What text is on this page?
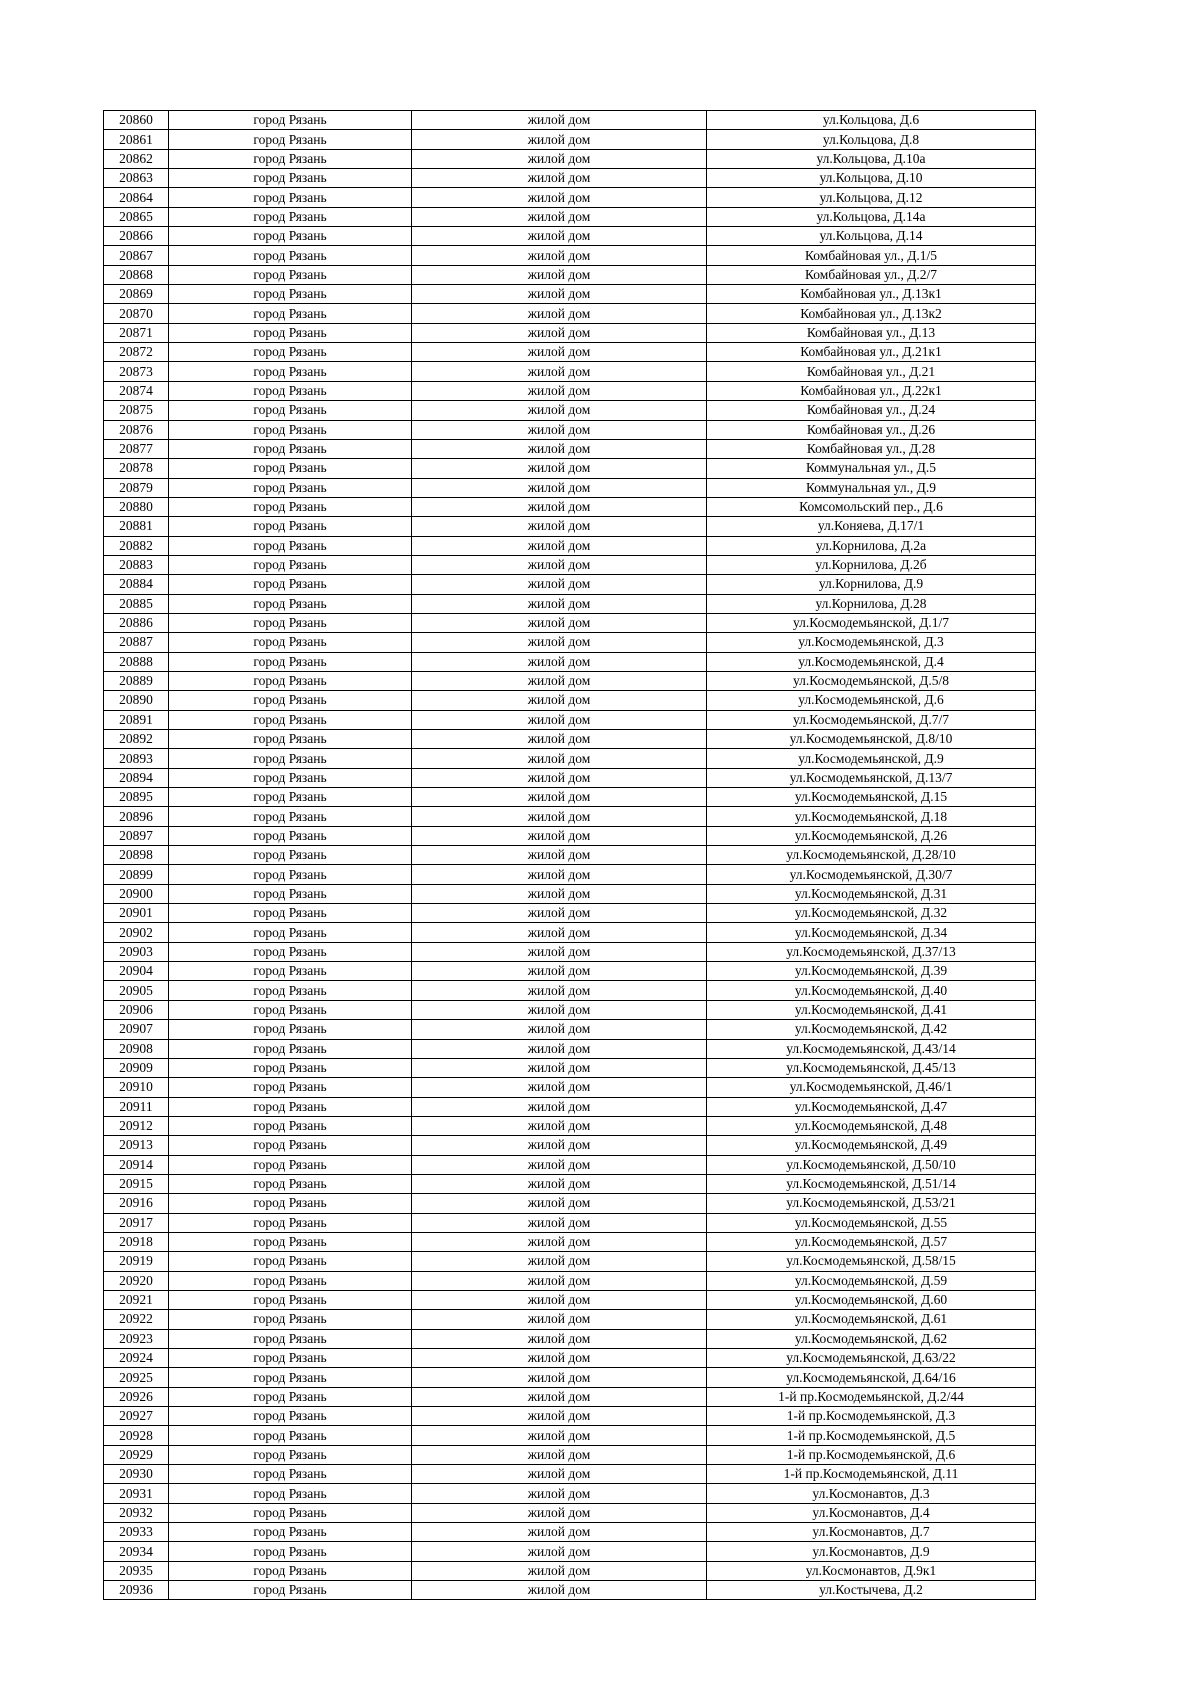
20860	город Рязань	жилой дом	ул.Кольцова, Д.6
20861	город Рязань	жилой дом	ул.Кольцова, Д.8
20862	город Рязань	жилой дом	ул.Кольцова, Д.10а
20863	город Рязань	жилой дом	ул.Кольцова, Д.10
20864	город Рязань	жилой дом	ул.Кольцова, Д.12
20865	город Рязань	жилой дом	ул.Кольцова, Д.14а
20866	город Рязань	жилой дом	ул.Кольцова, Д.14
20867	город Рязань	жилой дом	Комбайновая ул., Д.1/5
20868	город Рязань	жилой дом	Комбайновая ул., Д.2/7
20869	город Рязань	жилой дом	Комбайновая ул., Д.13к1
20870	город Рязань	жилой дом	Комбайновая ул., Д.13к2
20871	город Рязань	жилой дом	Комбайновая ул., Д.13
20872	город Рязань	жилой дом	Комбайновая ул., Д.21к1
20873	город Рязань	жилой дом	Комбайновая ул., Д.21
20874	город Рязань	жилой дом	Комбайновая ул., Д.22к1
20875	город Рязань	жилой дом	Комбайновая ул., Д.24
20876	город Рязань	жилой дом	Комбайновая ул., Д.26
20877	город Рязань	жилой дом	Комбайновая ул., Д.28
20878	город Рязань	жилой дом	Коммунальная ул., Д.5
20879	город Рязань	жилой дом	Коммунальная ул., Д.9
20880	город Рязань	жилой дом	Комсомольский пер., Д.6
20881	город Рязань	жилой дом	ул.Коняева, Д.17/1
20882	город Рязань	жилой дом	ул.Корнилова, Д.2а
20883	город Рязань	жилой дом	ул.Корнилова, Д.2б
20884	город Рязань	жилой дом	ул.Корнилова, Д.9
20885	город Рязань	жилой дом	ул.Корнилова, Д.28
20886	город Рязань	жилой дом	ул.Космодемьянской, Д.1/7
20887	город Рязань	жилой дом	ул.Космодемьянской, Д.3
20888	город Рязань	жилой дом	ул.Космодемьянской, Д.4
20889	город Рязань	жилой дом	ул.Космодемьянской, Д.5/8
20890	город Рязань	жилой дом	ул.Космодемьянской, Д.6
20891	город Рязань	жилой дом	ул.Космодемьянской, Д.7/7
20892	город Рязань	жилой дом	ул.Космодемьянской, Д.8/10
20893	город Рязань	жилой дом	ул.Космодемьянской, Д.9
20894	город Рязань	жилой дом	ул.Космодемьянской, Д.13/7
20895	город Рязань	жилой дом	ул.Космодемьянской, Д.15
20896	город Рязань	жилой дом	ул.Космодемьянской, Д.18
20897	город Рязань	жилой дом	ул.Космодемьянской, Д.26
20898	город Рязань	жилой дом	ул.Космодемьянской, Д.28/10
20899	город Рязань	жилой дом	ул.Космодемьянской, Д.30/7
20900	город Рязань	жилой дом	ул.Космодемьянской, Д.31
20901	город Рязань	жилой дом	ул.Космодемьянской, Д.32
20902	город Рязань	жилой дом	ул.Космодемьянской, Д.34
20903	город Рязань	жилой дом	ул.Космодемьянской, Д.37/13
20904	город Рязань	жилой дом	ул.Космодемьянской, Д.39
20905	город Рязань	жилой дом	ул.Космодемьянской, Д.40
20906	город Рязань	жилой дом	ул.Космодемьянской, Д.41
20907	город Рязань	жилой дом	ул.Космодемьянской, Д.42
20908	город Рязань	жилой дом	ул.Космодемьянской, Д.43/14
20909	город Рязань	жилой дом	ул.Космодемьянской, Д.45/13
20910	город Рязань	жилой дом	ул.Космодемьянской, Д.46/1
20911	город Рязань	жилой дом	ул.Космодемьянской, Д.47
20912	город Рязань	жилой дом	ул.Космодемьянской, Д.48
20913	город Рязань	жилой дом	ул.Космодемьянской, Д.49
20914	город Рязань	жилой дом	ул.Космодемьянской, Д.50/10
20915	город Рязань	жилой дом	ул.Космодемьянской, Д.51/14
20916	город Рязань	жилой дом	ул.Космодемьянской, Д.53/21
20917	город Рязань	жилой дом	ул.Космодемьянской, Д.55
20918	город Рязань	жилой дом	ул.Космодемьянской, Д.57
20919	город Рязань	жилой дом	ул.Космодемьянской, Д.58/15
20920	город Рязань	жилой дом	ул.Космодемьянской, Д.59
20921	город Рязань	жилой дом	ул.Космодемьянской, Д.60
20922	город Рязань	жилой дом	ул.Космодемьянской, Д.61
20923	город Рязань	жилой дом	ул.Космодемьянской, Д.62
20924	город Рязань	жилой дом	ул.Космодемьянской, Д.63/22
20925	город Рязань	жилой дом	ул.Космодемьянской, Д.64/16
20926	город Рязань	жилой дом	1-й пр.Космодемьянской, Д.2/44
20927	город Рязань	жилой дом	1-й пр.Космодемьянской, Д.3
20928	город Рязань	жилой дом	1-й пр.Космодемьянской, Д.5
20929	город Рязань	жилой дом	1-й пр.Космодемьянской, Д.6
20930	город Рязань	жилой дом	1-й пр.Космодемьянской, Д.11
20931	город Рязань	жилой дом	ул.Космонавтов, Д.3
20932	город Рязань	жилой дом	ул.Космонавтов, Д.4
20933	город Рязань	жилой дом	ул.Космонавтов, Д.7
20934	город Рязань	жилой дом	ул.Космонавтов, Д.9
20935	город Рязань	жилой дом	ул.Космонавтов, Д.9к1
20936	город Рязань	жилой дом	ул.Костычева, Д.2
